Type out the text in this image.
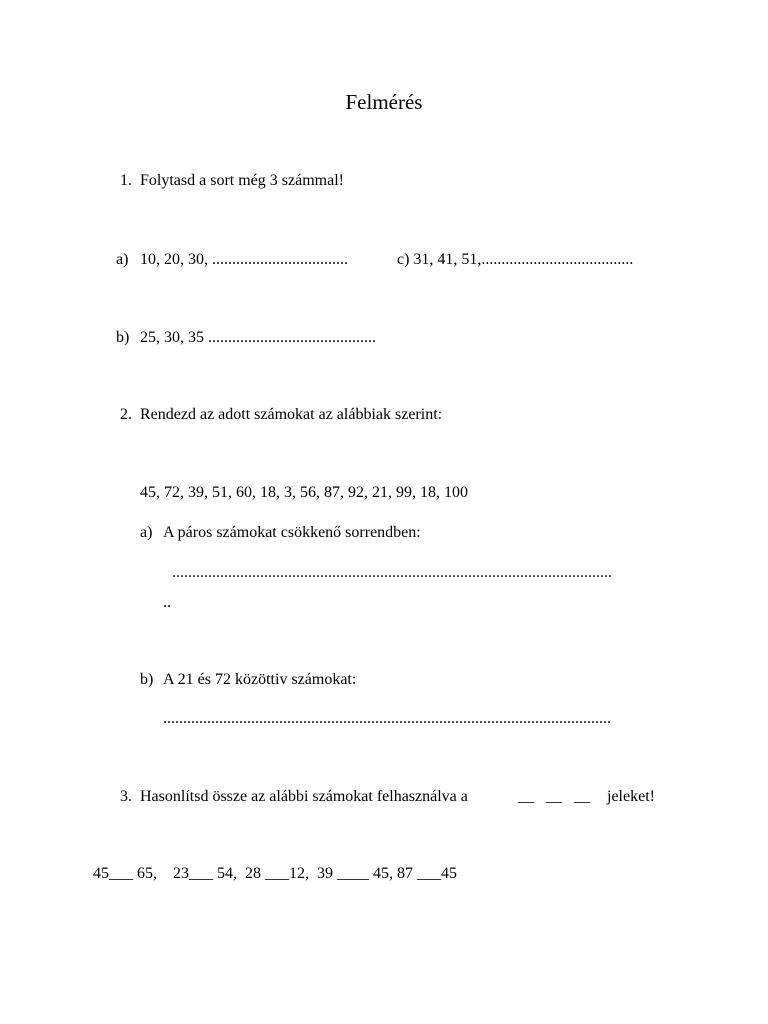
Felmérés
1. Folytasd a sort még 3 számmal!
a) 10, 20, 30, ..................................	c) 31, 41, 51,......................................
b) 25, 30, 35 ..........................................
2. Rendezd az adott számokat az alábbiak szerint:
45, 72, 39, 51, 60, 18, 3, 56, 87, 92, 21, 99, 18, 100
a) A páros számokat csökkenő sorrendben:
..............................................................................................................
..
b) A 21 és 72 közöttiv számokat:
................................................................................................................
3. Hasonlítsd össze az alábbi számokat felhasználva a	__   __   __ jeleket!
45___ 65,    23___ 54,  28 ___12,  39 ____ 45, 87 ___45
